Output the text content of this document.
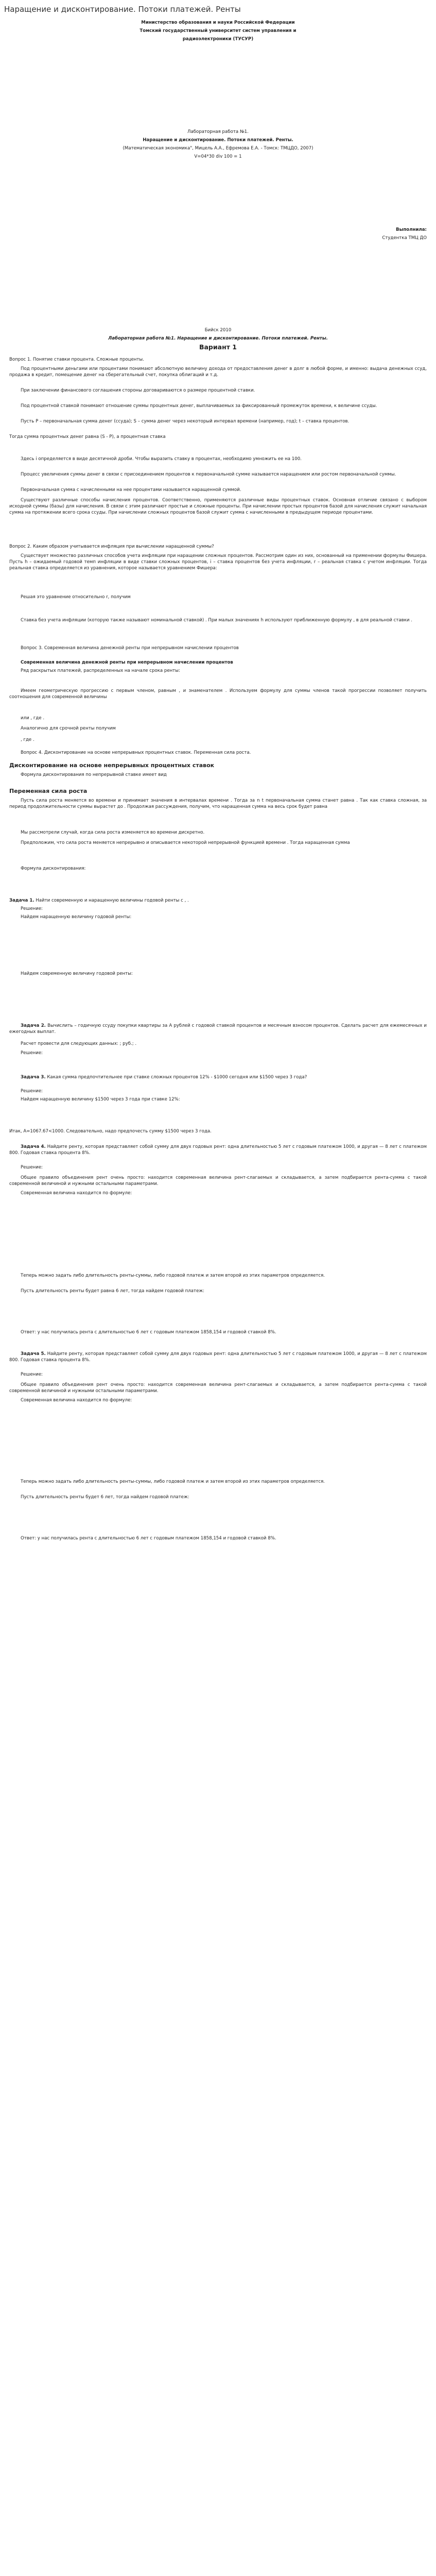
Наращение и дисконтирование. Потоки платежей. Ренты
Министерство образования и науки Российской Федерации
Томский государственный университет систем управления и
радиоэлектроники (ТУСУР)
Лабораторная работа №1.
Наращение и дисконтирование. Потоки платежей. Ренты.
(Математическая экономика", Мицель А.А., Ефремова Е.А. - Томск: ТМЦДО, 2007)
V=04*30 div 100 = 1
Выполнила:
Студентка ТМЦ ДО
Бийск 2010
Лабораторная работа №1. Наращение и дисконтирование. Потоки платежей. Ренты.
Вариант 1
Вопрос 1. Понятие ставки процента. Сложные проценты.
Под процентными деньгами или процентами понимают абсолютную величину дохода от предоставления денег в долг в любой форме, и именно: выдача денежных ссуд, продажа в кредит, помещение денег на сберегательный счет, покупка облигаций и т.д.
При заключении финансового соглашения стороны договариваются о размере процентной ставки.
Под процентной ставкой понимают отношение суммы процентных денег, выплачиваемых за фиксированный промежуток времени, к величине ссуды.
Пусть P – первоначальная сумма денег (ссуда); S – сумма денег через некоторый интервал времени (например, год); t – ставка процентов.
Тогда сумма процентных денег равна (S - P), а процентная ставка
Здесь i определяется в виде десятичной дроби. Чтобы выразить ставку в процентах, необходимо умножить ее на 100.
Процесс увеличения суммы денег в связи с присоединением процентов к первоначальной сумме называется наращением или ростом первоначальной суммы.
Первоначальная сумма с начисленными на нее процентами называется наращенной суммой.
Существуют различные способы начисления процентов. Соответственно, применяются различные виды процентных ставок. Основная отличие связано с выбором исходной суммы (базы) для начисления. В связи с этим различают простые и сложные проценты. При начислении простых процентов базой для начисления служит начальная сумма на протяжении всего срока ссуды. При начислении сложных процентов базой служит сумма с начисленными в предыдущем периоде процентами.
Вопрос 2. Каким образом учитывается инфляция при вычислении наращенной суммы?
Существует множество различных способов учета инфляции при наращении сложных процентов. Рассмотрим один из них, основанный на применении формулы Фишера. Пусть h – ожидаемый годовой темп инфляции в виде ставки сложных процентов, i – ставка процентов без учета инфляции, r – реальная ставка с учетом инфляции. Тогда реальная ставка определяется из уравнения, которое называется уравнением Фишера:
Решая это уравнение относительно r, получим
Ставка без учета инфляции (которую также называют номинальной ставкой) . При малых значениях h используют приближенную формулу , в для реальной ставки .
Вопрос 3. Современная величина денежной ренты при непрерывном начислении процентов
Современная величина денежной ренты при непрерывном начислении процентов
Ряд раскрытых платежей, распределенных на начале срока ренты:
Имеем геометрическую прогрессию с первым членом, равным , и знаменателем . Используем формулу для суммы членов такой прогрессии позволяет получить соотношения для современной величины
или , где .
Аналогично для срочной ренты получим
, где .
Вопрос 4. Дисконтирование на основе непрерывных процентных ставок. Переменная сила роста.
Дисконтирование на основе непрерывных процентных ставок
Формула дисконтирования по непрерывной ставке имеет вид
Переменная сила роста
Пусть сила роста меняется во времени и принимает значения в интервалах времени . Тогда за n t первоначальная сумма станет равна . Так как ставка сложная, за период продолжительности суммы вырастет до . Продолжая рассуждения, получим, что наращенная сумма на весь срок будет равна
Мы рассмотрели случай, когда сила роста изменяется во времени дискретно.
Предположим, что сила роста меняется непрерывно и описывается некоторой непрерывной функцией времени . Тогда наращенная сумма
Формула дисконтирования:
Задача 1. Найти современную и наращенную величины годовой ренты с , .
Решение:
Найдем наращенную величину годовой ренты:
Найдем современную величину годовой ренты:
Задача 2. Вычислить – годичную ссуду покупки квартиры за А рублей с годовой ставкой процентов и месячным взносом процентов. Сделать расчет для ежемесячных и ежегодных выплат.
Расчет провести для следующих данных: ; руб.; .
Решение:
Задача 3. Какая сумма предпочтительнее при ставке сложных процентов 12% - $1000 сегодня или $1500 через 3 года?
Решение:
Найдем наращенную величину $1500 через 3 года при ставке 12%:
Итак, A=1067.67<1000. Следовательно, надо предпочесть сумму $1500 через 3 года.
Задача 4. Найдите ренту, которая представляет собой сумму для двух годовых рент: одна длительностью 5 лет с годовым платежом 1000, и другая — 8 лет с платежом 800. Годовая ставка процента 8%.
Решение:
Общее правило объединения рент очень просто: находится современная величина рент-слагаемых и складывается, а затем подбирается рента-сумма с такой современной величиной и нужными остальными параметрами.
Современная величина находится по формуле:
Теперь можно задать либо длительность ренты-суммы, либо годовой платеж и затем второй из этих параметров определяется.
Пусть длительность ренты будет равна 6 лет, тогда найдем годовой платеж:
Ответ: у нас получилась рента с длительностью 6 лет с годовым платежом 1858,154 и годовой ставкой 8%.
Задача 5. Найдите ренту, которая представляет собой сумму для двух годовых рент: одна длительностью 5 лет с годовым платежом 1000, и другая — 8 лет с платежом 800. Годовая ставка процента 8%.
Решение:
Общее правило объединения рент очень просто: находится современная величина рент-слагаемых и складывается, а затем подбирается рента-сумма с такой современной величиной и нужными остальными параметрами.
Современная величина находится по формуле:
Теперь можно задать либо длительность ренты-суммы, либо годовой платеж и затем второй из этих параметров определяется.
Пусть длительность ренты будет 6 лет, тогда найдем годовой платеж:
Ответ: у нас получилась рента с длительностью 6 лет с годовым платежом 1858,154 и годовой ставкой 8%.
